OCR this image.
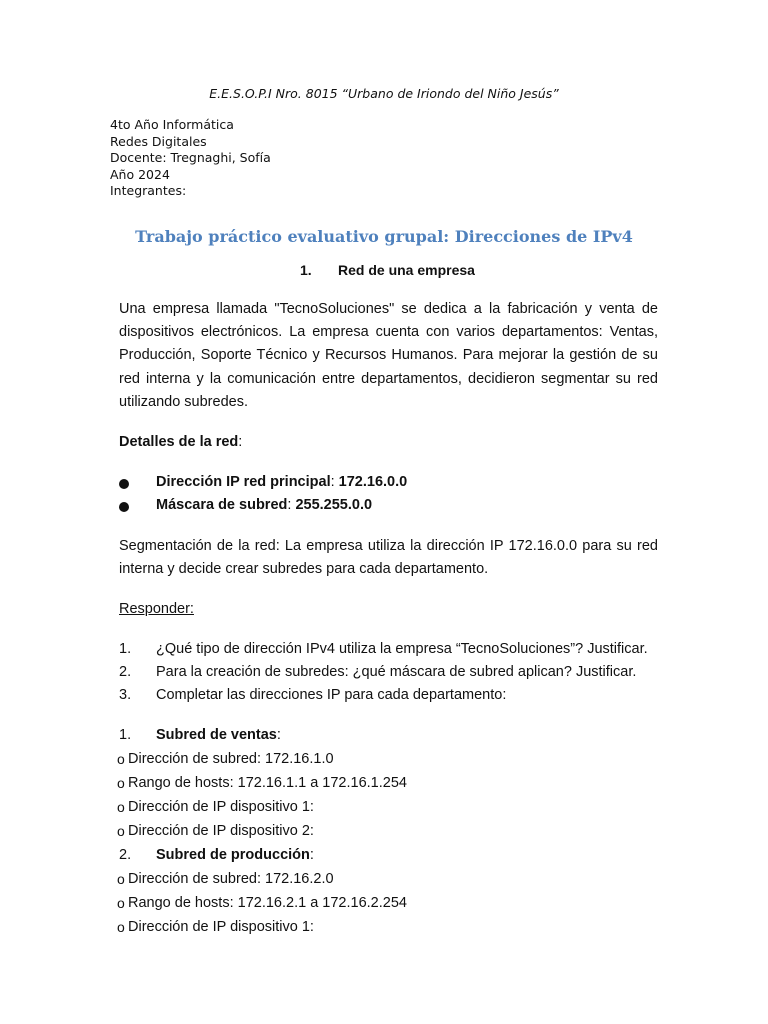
E.E.S.O.P.I Nro. 8015 “Urbano de Iriondo del Niño Jesús”
4to Año Informática
Redes Digitales
Docente: Tregnaghi, Sofía
Año 2024
Integrantes:
Trabajo práctico evaluativo grupal: Direcciones de IPv4
1. Red de una empresa
Una empresa llamada "TecnoSoluciones" se dedica a la fabricación y venta de dispositivos electrónicos. La empresa cuenta con varios departamentos: Ventas, Producción, Soporte Técnico y Recursos Humanos. Para mejorar la gestión de su red interna y la comunicación entre departamentos, decidieron segmentar su red utilizando subredes.
Detalles de la red:
Dirección IP red principal: 172.16.0.0
Máscara de subred: 255.255.0.0
Segmentación de la red: La empresa utiliza la dirección IP 172.16.0.0 para su red interna y decide crear subredes para cada departamento.
Responder:
1. ¿Qué tipo de dirección IPv4 utiliza la empresa “TecnoSoluciones”? Justificar.
2. Para la creación de subredes: ¿qué máscara de subred aplican? Justificar.
3. Completar las direcciones IP para cada departamento:
1. Subred de ventas:
o Dirección de subred: 172.16.1.0
o Rango de hosts: 172.16.1.1 a 172.16.1.254
o Dirección de IP dispositivo 1:
o Dirección de IP dispositivo 2:
2. Subred de producción:
o Dirección de subred: 172.16.2.0
o Rango de hosts: 172.16.2.1 a 172.16.2.254
o Dirección de IP dispositivo 1:
